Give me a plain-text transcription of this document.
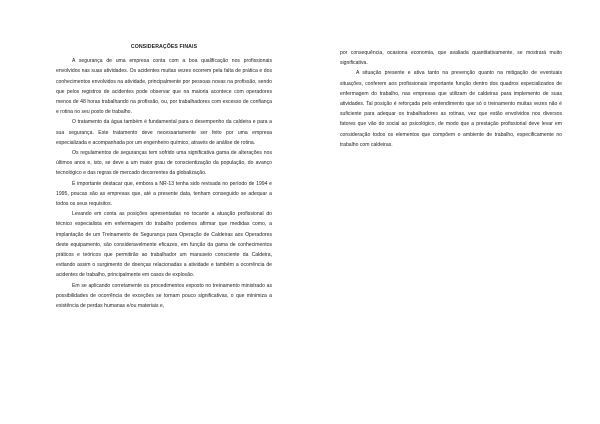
CONSIDERAÇÕES FINAIS

A segurança de uma empresa conta com a boa qualificação nos profissionais envolvidos nas suas atividades. Os acidentes muitas vezes ocorrem pela falta de prática e dos conhecimentos envolvidos na atividade, principalmente por pessoas novas na profissão, sendo que pelos registros de acidentes pode observar que na maioria acontece com operadores menos de 48 horas trabalhando na profissão, ou, por trabalhadores com excesso de confiança e rotina no seu posto de trabalho.

O tratamento da água também é fundamental para o desempenho da caldeira e para a sua segurança. Este tratamento deve necessariamente ser feito por uma empresa especializada e acompanhada por um engenheiro químico, através de análise de rotina.

Os regulamentos de seguranças tem sofrido uma significativa gama de alterações nos últimos anos e, isto, se deve a um maior grau de conscientização da população, do avanço tecnológico e das regras de mercado decorrentes da globalização.

É importante destacar que, embora a NR-13 tenha sido revisada no período de 1994 e 1995, poucas são as empresas que, até a presente data, tenham conseguido se adequar a todos os seus requisitos.

Levando em conta as posições apresentadas no tocante a atuação profissional do técnico especialista em enfermagem do trabalho podemos afirmar que medidas como, a implantação de um Treinamento de Segurança para Operação de Caldeiras aos Operadores deste equipamento, são consideravelmente eficazes, em função da gama de conhecimentos práticos e teóricos que permitirão ao trabalhador um manuseio consciente da Caldeira, evitando assim o surgimento de doenças relacionadas a atividade e também a ocorrência de acidentes de trabalho, principalmente em casos de explosão.

Em se aplicando corretamente os procedimentos exposto no treinamento ministrado as possibilidades de ocorrência de exceções se tornam pouco significativas, o que minimiza a existência de perdas humanas e/ou materiais e,

por consequência, ocasiona economia, que avaliada quantitativamente, se mostrará muito significativa.

A situação presente e ativa tanto na prevenção quanto na mitigação de eventuais situações, conferem aos profissionais importante função dentro dos quadros especializados de enfermagem do trabalho, nas empresas que utilizam de caldeiras para implemento de suas atividades. Tal posição é reforçada pelo entendimento que só o treinamento muitas vezes não é suficiente para adequar os trabalhadores as rotinas, vez que estão envolvidos nos diversos fatores que vão do social ao psicológico, de modo que a prestação profissional deve levar em consideração todos os elementos que compõem o ambiente de trabalho, especificamente no trabalho com caldeiras.
